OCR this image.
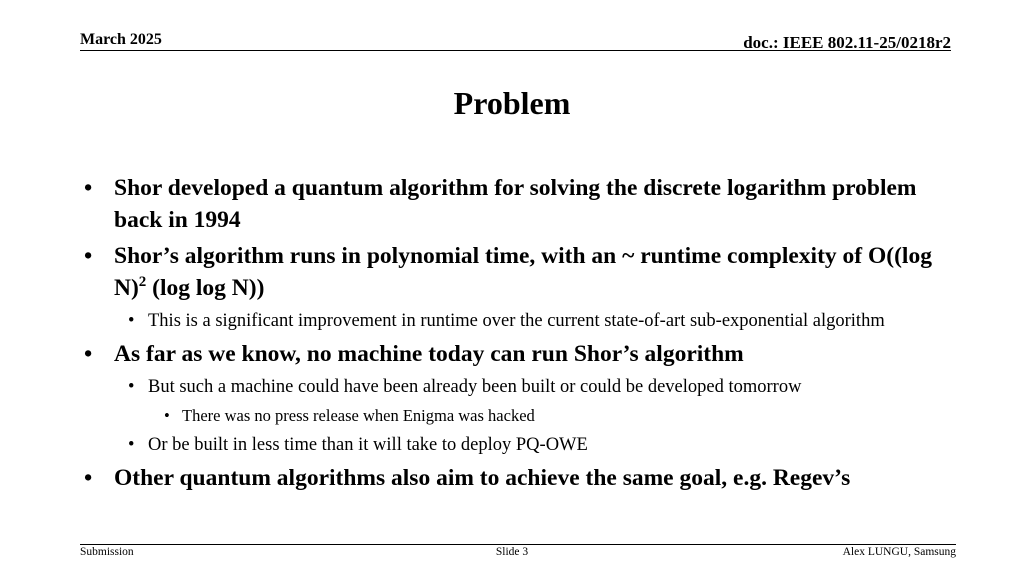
March 2025	doc.: IEEE 802.11-25/0218r2
Problem
• Shor developed a quantum algorithm for solving the discrete logarithm problem back in 1994
• Shor’s algorithm runs in polynomial time, with an ~ runtime complexity of O((log N)$^2$ (log log N))
• This is a significant improvement in runtime over the current state-of-art sub-exponential algorithm
• As far as we know, no machine today can run Shor’s algorithm
• But such a machine could have been already been built or could be developed tomorrow
• There was no press release when Enigma was hacked
• Or be built in less time than it will take to deploy PQ-OWE
• Other quantum algorithms also aim to achieve the same goal, e.g. Regev’s
Submission	Slide 3	Alex LUNGU, Samsung
